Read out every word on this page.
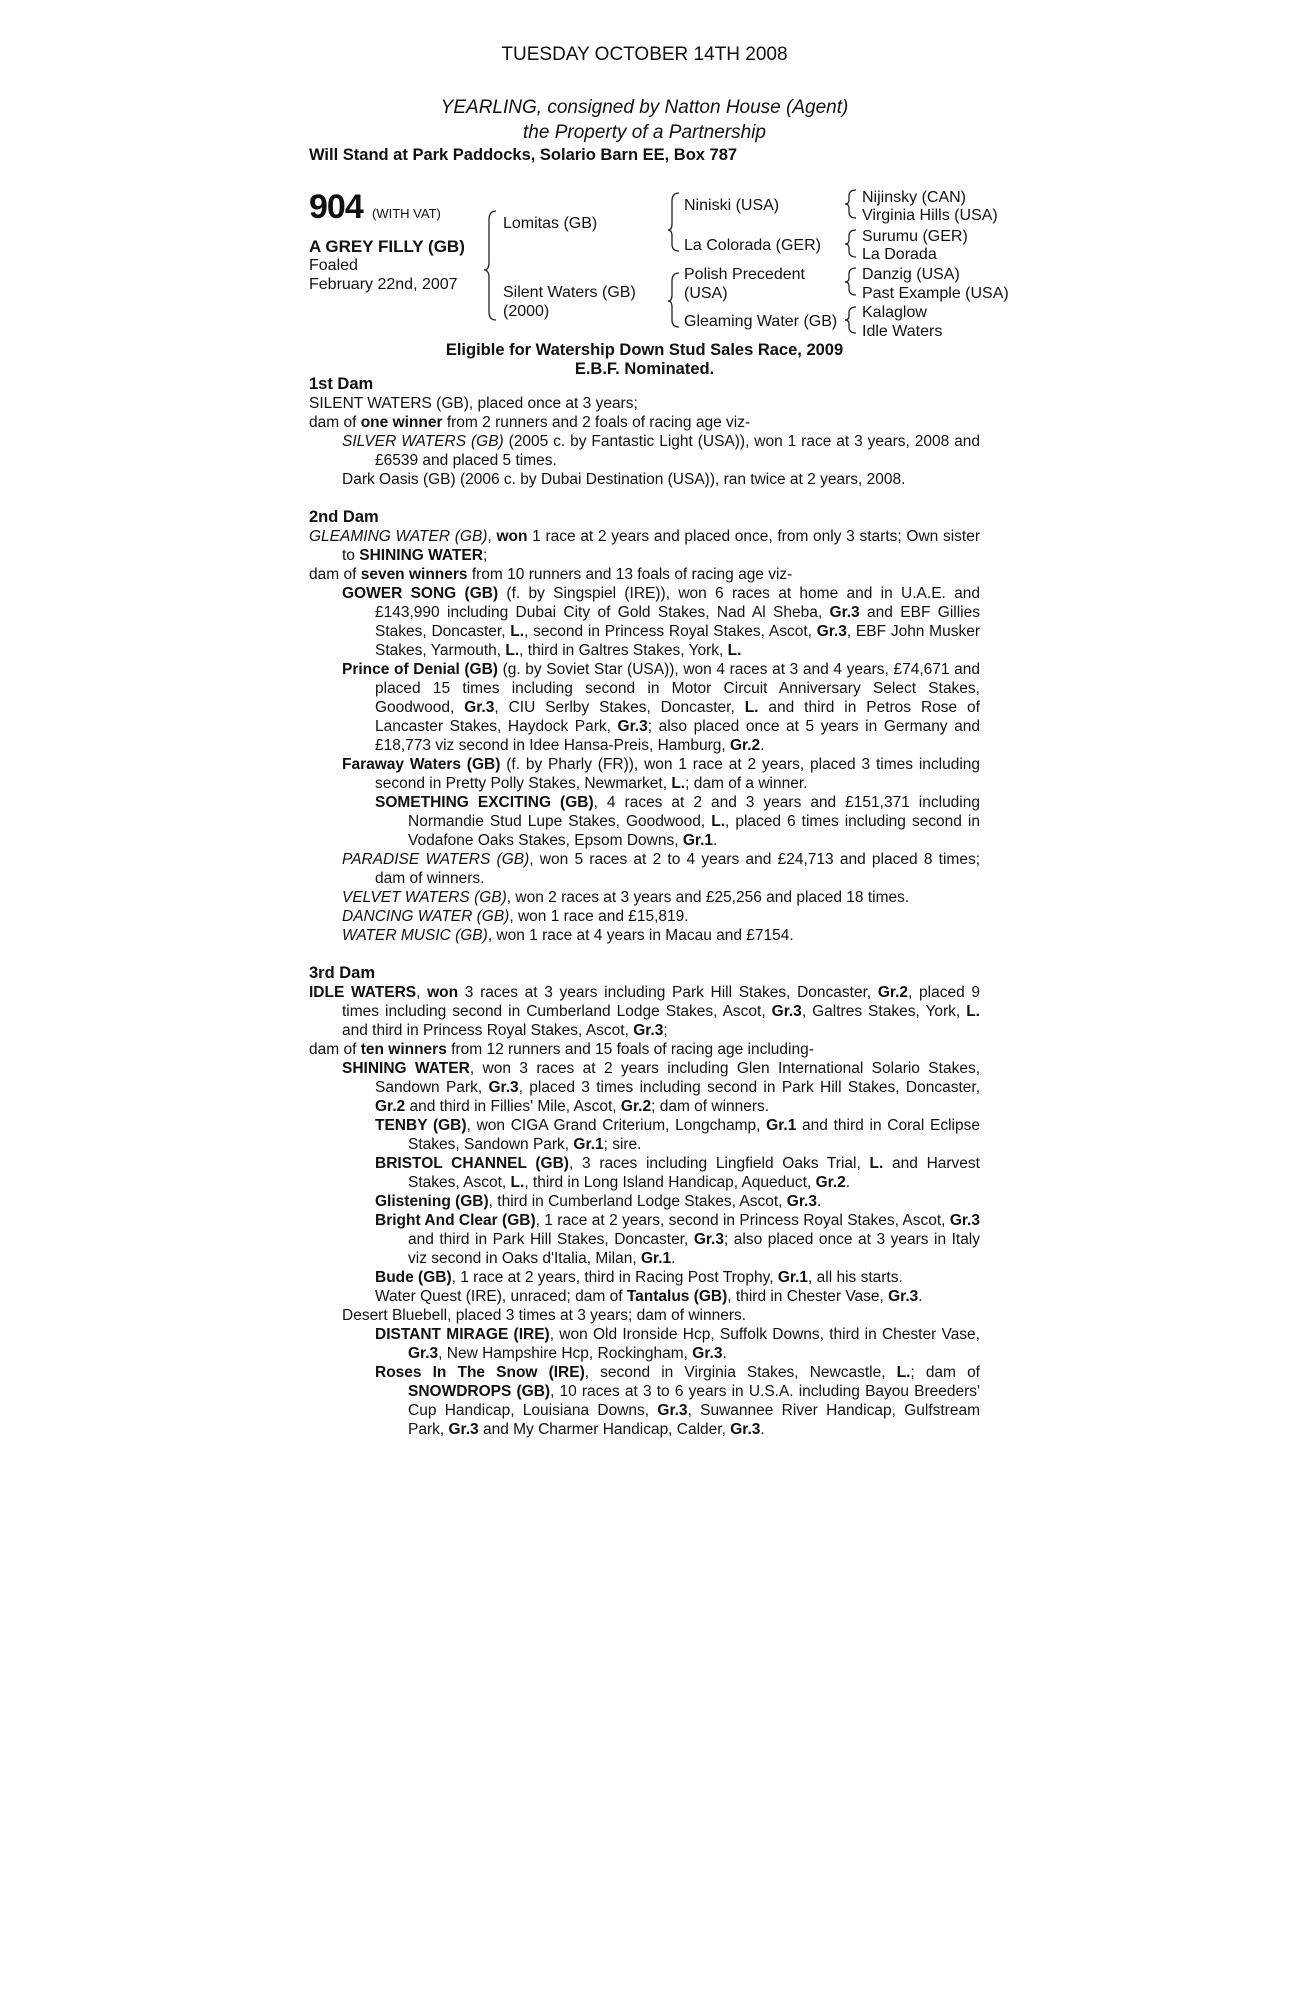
TUESDAY OCTOBER 14TH 2008
YEARLING, consigned by Natton House (Agent)
the Property of a Partnership
Will Stand at Park Paddocks, Solario Barn EE, Box 787
904 (WITH VAT)
A GREY FILLY (GB)
Foaled
February 22nd, 2007
Lomitas (GB)
Silent Waters (GB)
(2000)
Niniski (USA)
La Colorada (GER)
Polish Precedent
(USA)
Gleaming Water (GB)
Nijinsky (CAN)
Virginia Hills (USA)
Surumu (GER)
La Dorada
Danzig (USA)
Past Example (USA)
Kalaglow
Idle Waters
Eligible for Watership Down Stud Sales Race, 2009
E.B.F. Nominated.

1st Dam

SILENT WATERS (GB), placed once at 3 years;

dam of one winner from 2 runners and 2 foals of racing age viz-

SILVER WATERS (GB) (2005 c. by Fantastic Light (USA)), won 1 race at 3 years, 2008 and £6539 and placed 5 times.

Dark Oasis (GB) (2006 c. by Dubai Destination (USA)), ran twice at 2 years, 2008.

2nd Dam

GLEAMING WATER (GB), won 1 race at 2 years and placed once, from only 3 starts; Own sister to SHINING WATER;

dam of seven winners from 10 runners and 13 foals of racing age viz-

GOWER SONG (GB) (f. by Singspiel (IRE)), won 6 races at home and in U.A.E. and £143,990 including Dubai City of Gold Stakes, Nad Al Sheba, Gr.3 and EBF Gillies Stakes, Doncaster, L., second in Princess Royal Stakes, Ascot, Gr.3, EBF John Musker Stakes, Yarmouth, L., third in Galtres Stakes, York, L.

Prince of Denial (GB) (g. by Soviet Star (USA)), won 4 races at 3 and 4 years, £74,671 and placed 15 times including second in Motor Circuit Anniversary Select Stakes, Goodwood, Gr.3, CIU Serlby Stakes, Doncaster, L. and third in Petros Rose of Lancaster Stakes, Haydock Park, Gr.3; also placed once at 5 years in Germany and £18,773 viz second in Idee Hansa-Preis, Hamburg, Gr.2.

Faraway Waters (GB) (f. by Pharly (FR)), won 1 race at 2 years, placed 3 times including second in Pretty Polly Stakes, Newmarket, L.; dam of a winner.

SOMETHING EXCITING (GB), 4 races at 2 and 3 years and £151,371 including Normandie Stud Lupe Stakes, Goodwood, L., placed 6 times including second in Vodafone Oaks Stakes, Epsom Downs, Gr.1.

PARADISE WATERS (GB), won 5 races at 2 to 4 years and £24,713 and placed 8 times; dam of winners.

VELVET WATERS (GB), won 2 races at 3 years and £25,256 and placed 18 times.

DANCING WATER (GB), won 1 race and £15,819.

WATER MUSIC (GB), won 1 race at 4 years in Macau and £7154.

3rd Dam

IDLE WATERS, won 3 races at 3 years including Park Hill Stakes, Doncaster, Gr.2, placed 9 times including second in Cumberland Lodge Stakes, Ascot, Gr.3, Galtres Stakes, York, L. and third in Princess Royal Stakes, Ascot, Gr.3;

dam of ten winners from 12 runners and 15 foals of racing age including-

SHINING WATER, won 3 races at 2 years including Glen International Solario Stakes, Sandown Park, Gr.3, placed 3 times including second in Park Hill Stakes, Doncaster, Gr.2 and third in Fillies' Mile, Ascot, Gr.2; dam of winners.

TENBY (GB), won CIGA Grand Criterium, Longchamp, Gr.1 and third in Coral Eclipse Stakes, Sandown Park, Gr.1; sire.

BRISTOL CHANNEL (GB), 3 races including Lingfield Oaks Trial, L. and Harvest Stakes, Ascot, L., third in Long Island Handicap, Aqueduct, Gr.2.

Glistening (GB), third in Cumberland Lodge Stakes, Ascot, Gr.3.

Bright And Clear (GB), 1 race at 2 years, second in Princess Royal Stakes, Ascot, Gr.3 and third in Park Hill Stakes, Doncaster, Gr.3; also placed once at 3 years in Italy viz second in Oaks d'Italia, Milan, Gr.1.

Bude (GB), 1 race at 2 years, third in Racing Post Trophy, Gr.1, all his starts.

Water Quest (IRE), unraced; dam of Tantalus (GB), third in Chester Vase, Gr.3.

Desert Bluebell, placed 3 times at 3 years; dam of winners.

DISTANT MIRAGE (IRE), won Old Ironside Hcp, Suffolk Downs, third in Chester Vase, Gr.3, New Hampshire Hcp, Rockingham, Gr.3.

Roses In The Snow (IRE), second in Virginia Stakes, Newcastle, L.; dam of SNOWDROPS (GB), 10 races at 3 to 6 years in U.S.A. including Bayou Breeders' Cup Handicap, Louisiana Downs, Gr.3, Suwannee River Handicap, Gulfstream Park, Gr.3 and My Charmer Handicap, Calder, Gr.3.
